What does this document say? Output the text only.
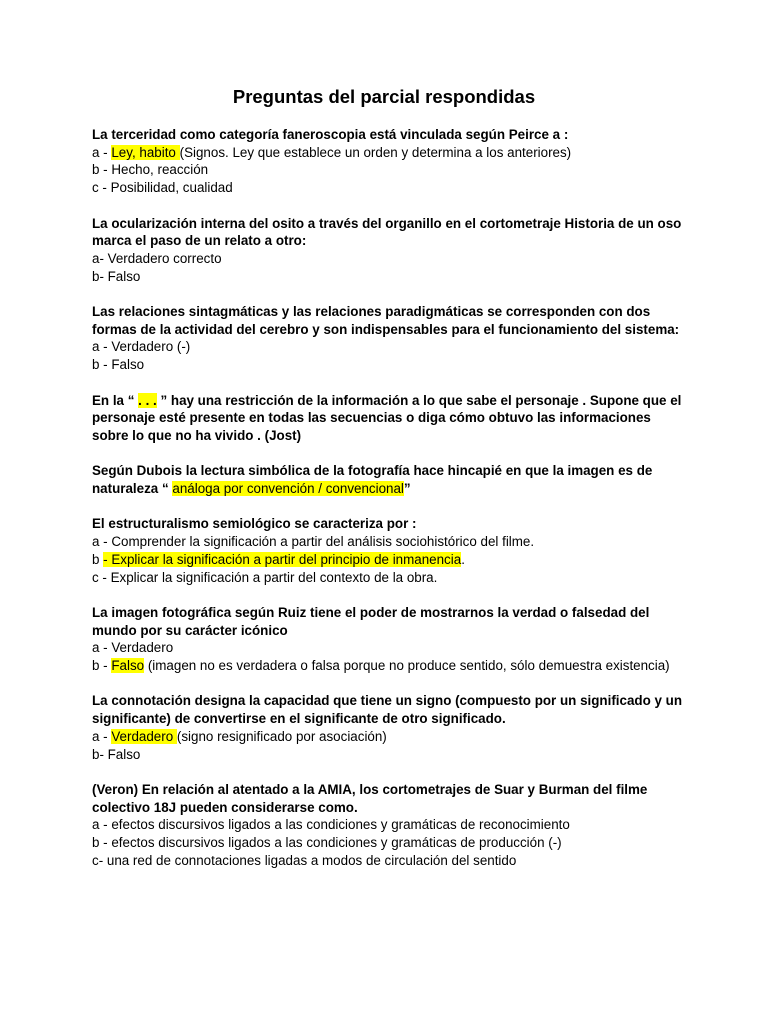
Preguntas del parcial respondidas

La terceridad como categoría faneroscopia está vinculada según Peirce a :

a - Ley, habito (Signos. Ley que establece un orden y determina a los anteriores)

b - Hecho, reacción

c - Posibilidad, cualidad

La ocularización interna del osito a través del organillo en el cortometraje Historia de un oso marca el paso de un relato a otro:

a- Verdadero correcto

b- Falso

Las relaciones sintagmáticas y las relaciones paradigmáticas se corresponden con dos formas de la actividad del cerebro y son indispensables para el funcionamiento del sistema:

a - Verdadero (-)

b - Falso

En la “ . . . ” hay una restricción de la información a lo que sabe el personaje . Supone que el personaje esté presente en todas las secuencias o diga cómo obtuvo las informaciones sobre lo que no ha vivido . (Jost)

Según Dubois la lectura simbólica de la fotografía hace hincapié en que la imagen es de naturaleza “ análoga por convención / convencional”

El estructuralismo semiológico se caracteriza por :

a - Comprender la significación a partir del análisis sociohistórico del filme.

b - Explicar la significación a partir del principio de inmanencia.

c - Explicar la significación a partir del contexto de la obra.

La imagen fotográfica según Ruiz tiene el poder de mostrarnos la verdad o falsedad del mundo por su carácter icónico

a - Verdadero

b - Falso (imagen no es verdadera o falsa porque no produce sentido, sólo demuestra existencia)

La connotación designa la capacidad que tiene un signo (compuesto por un significado y un significante) de convertirse en el significante de otro significado.

a - Verdadero (signo resignificado por asociación)

b- Falso

(Veron) En relación al atentado a la AMIA, los cortometrajes de Suar y Burman del filme colectivo 18J pueden considerarse como.

a - efectos discursivos ligados a las condiciones y gramáticas de reconocimiento

b - efectos discursivos ligados a las condiciones y gramáticas de producción (-)

c- una red de connotaciones ligadas a modos de circulación del sentido
